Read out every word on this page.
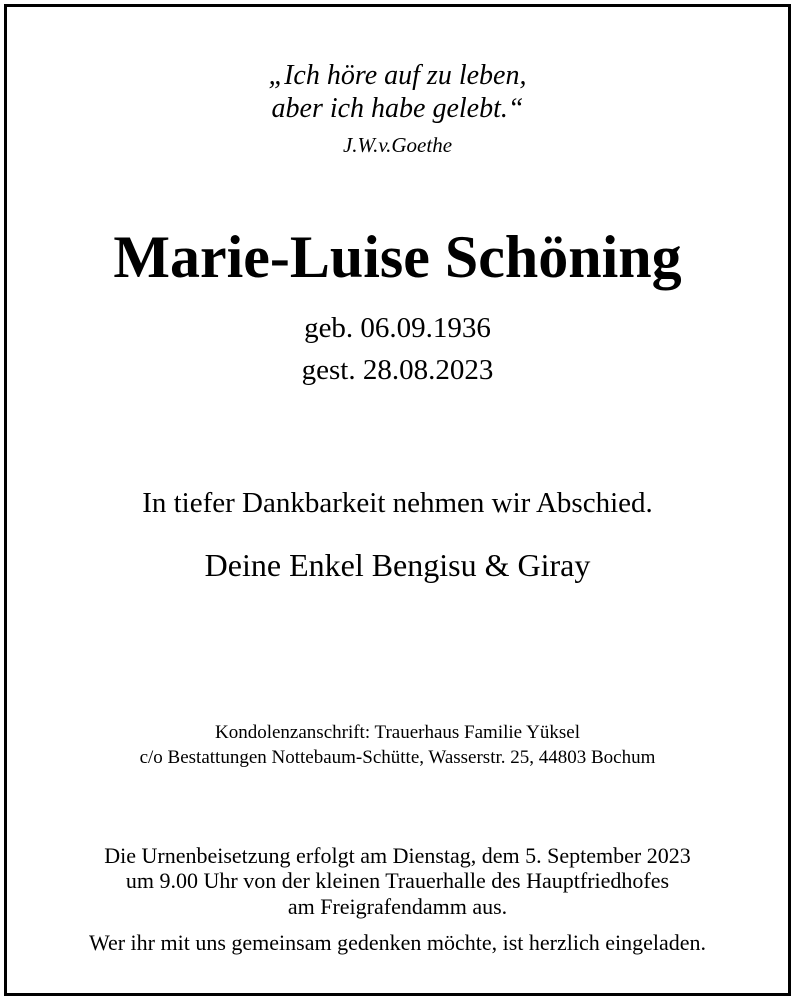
„Ich höre auf zu leben,

aber ich habe gelebt.“

J.W.v.Goethe

Marie-Luise Schöning

geb. 06.09.1936

gest. 28.08.2023

In tiefer Dankbarkeit nehmen wir Abschied.

Deine Enkel Bengisu & Giray

Kondolenzanschrift: Trauerhaus Familie Yüksel

c/o Bestattungen Nottebaum-Schütte, Wasserstr. 25, 44803 Bochum

Die Urnenbeisetzung erfolgt am Dienstag, dem 5. September 2023

um 9.00 Uhr von der kleinen Trauerhalle des Hauptfriedhofes

am Freigrafendamm aus.

Wer ihr mit uns gemeinsam gedenken möchte, ist herzlich eingeladen.
